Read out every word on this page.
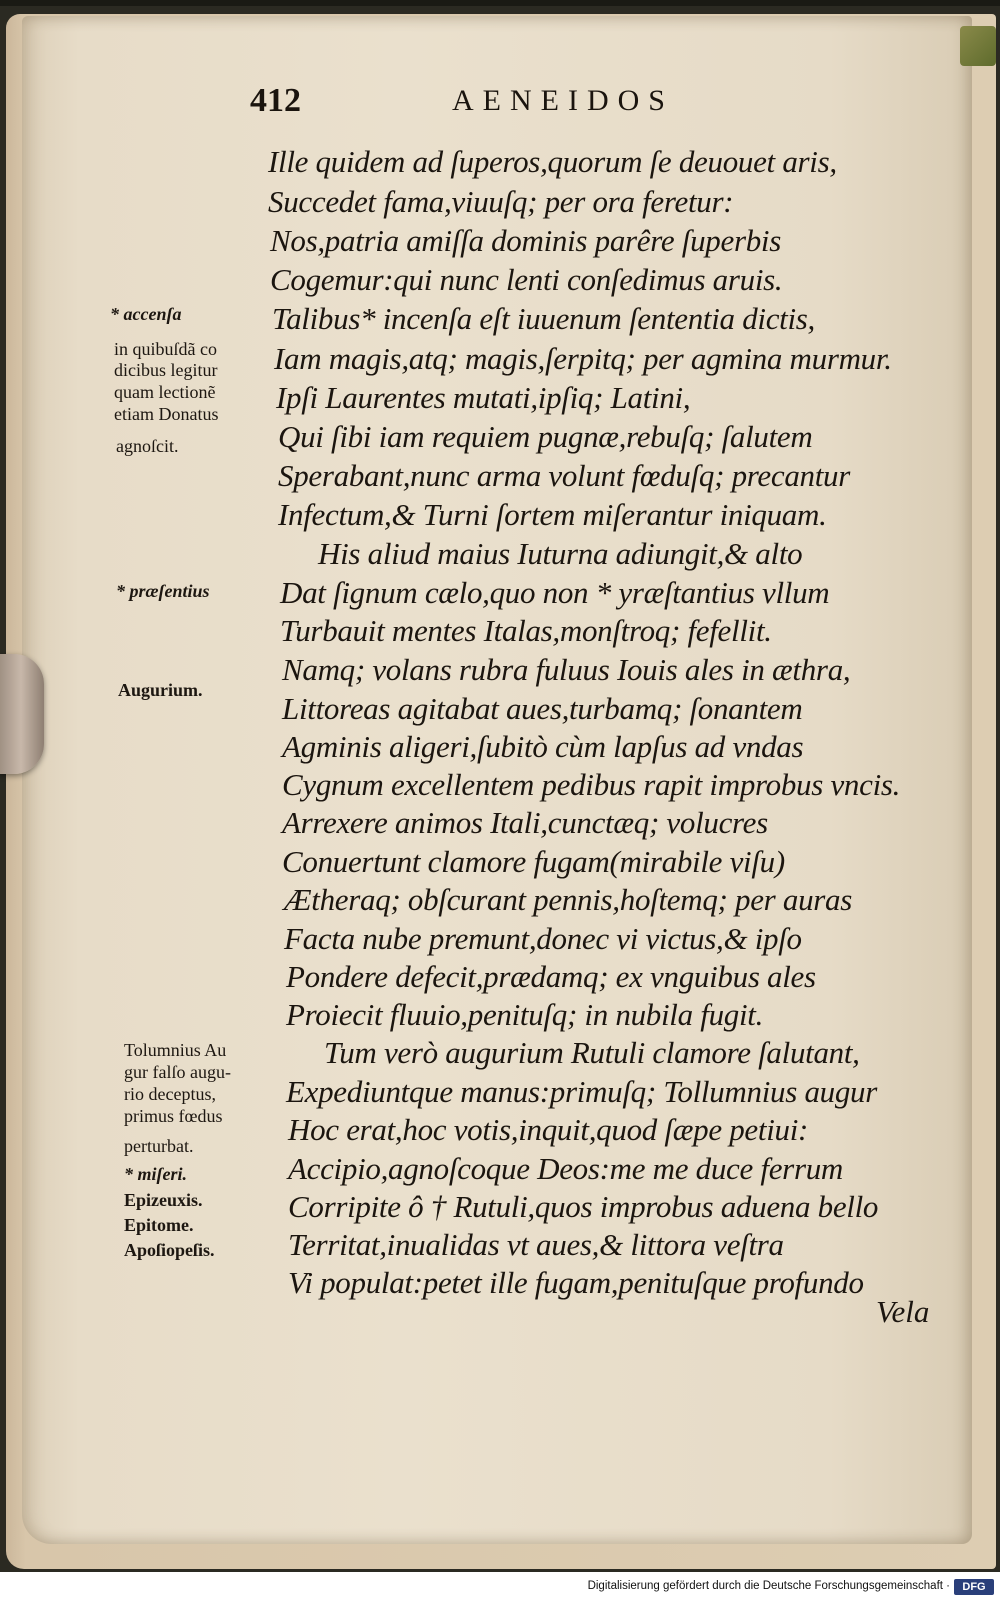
412	AENEIDOS
Ille quidem ad ſuperos,quorum ſe deuouet aris,
Succedet fama,viuuſq; per ora feretur:
Nos,patria amiſſa dominis parêre ſuperbis
Cogemur:qui nunc lenti conſedimus aruis.
Talibus* incenſa eſt iuuenum ſententia dictis,
Iam magis,atq; magis,ſerpitq; per agmina murmur.
Ipſi Laurentes mutati,ipſiq; Latini,
Qui ſibi iam requiem pugnæ,rebuſq; ſalutem
Sperabant,nunc arma volunt fœduſq; precantur
Infectum,& Turni ſortem miſerantur iniquam.
His aliud maius Iuturna adiungit,& alto
Dat ſignum cælo,quo non * yræſtantius vllum
Turbauit mentes Italas,monſtroq; fefellit.
Namq; volans rubra fuluus Iouis ales in æthra,
Littoreas agitabat aues,turbamq; ſonantem
Agminis aligeri,ſubitò cùm lapſus ad vndas
Cygnum excellentem pedibus rapit improbus vncis.
Arrexere animos Itali,cunctæq; volucres
Conuertunt clamore fugam(mirabile viſu)
Ætheraq; obſcurant pennis,hoſtemq; per auras
Facta nube premunt,donec vi victus,& ipſo
Pondere defecit,prædamq; ex vnguibus ales
Proiecit fluuio,penituſq; in nubila fugit.
Tum verò augurium Rutuli clamore ſalutant,
Expediuntque manus:primuſq; Tollumnius augur
Hoc erat,hoc votis,inquit,quod ſæpe petiui:
Accipio,agnoſcoque Deos:me me duce ferrum
Corripite ô † Rutuli,quos improbus aduena bello
Territat,inualidas vt aues,& littora veſtra
Vi populat:petet ille fugam,penituſque profundo
Vela
* accenſa
in quibuſdã co
dicibus legitur
quam lectionẽ
etiam Donatus
agnoſcit.
* præſentius
Augurium.
Tolumnius Au
gur falſo augu-
rio deceptus,
primus fœdus
perturbat.
* miſeri.
Epizeuxis.
Epitome.
Apoſiopeſis.
Digitalisierung gefördert durch die Deutsche Forschungsgemeinschaft ·	DFG
